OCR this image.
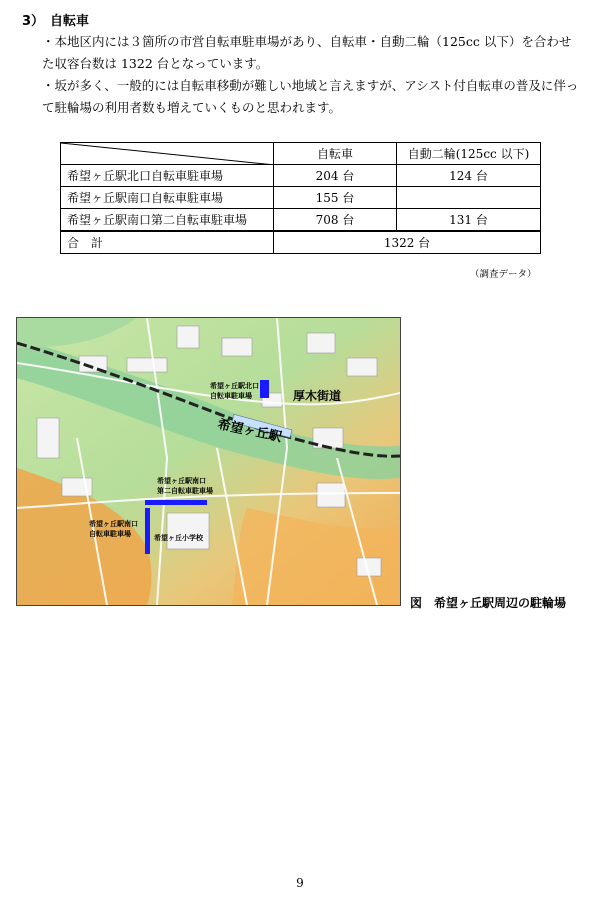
3） 自転車
・本地区内には３箇所の市営自転車駐車場があり、自転車・自動二輪（125cc 以下）を合わせた収容台数は 1322 台となっています。
・坂が多く、一般的には自転車移動が難しい地域と言えますが、アシスト付自転車の普及に伴って駐輪場の利用者数も増えていくものと思われます。
	自転車	自動二輪(125cc 以下)
希望ヶ丘駅北口自転車駐車場	204 台	124 台
希望ヶ丘駅南口自転車駐車場	155 台	
希望ヶ丘駅南口第二自転車駐車場	708 台	131 台
合　計	1322 台	
（調査データ）
希望ヶ丘駅北口
自転車駐車場	厚木街道
希望ヶ丘駅
希望ヶ丘駅南口
第二自転車駐車場
希望ヶ丘駅南口
自転車駐車場	希望ヶ丘小学校
図　希望ヶ丘駅周辺の駐輪場
9
